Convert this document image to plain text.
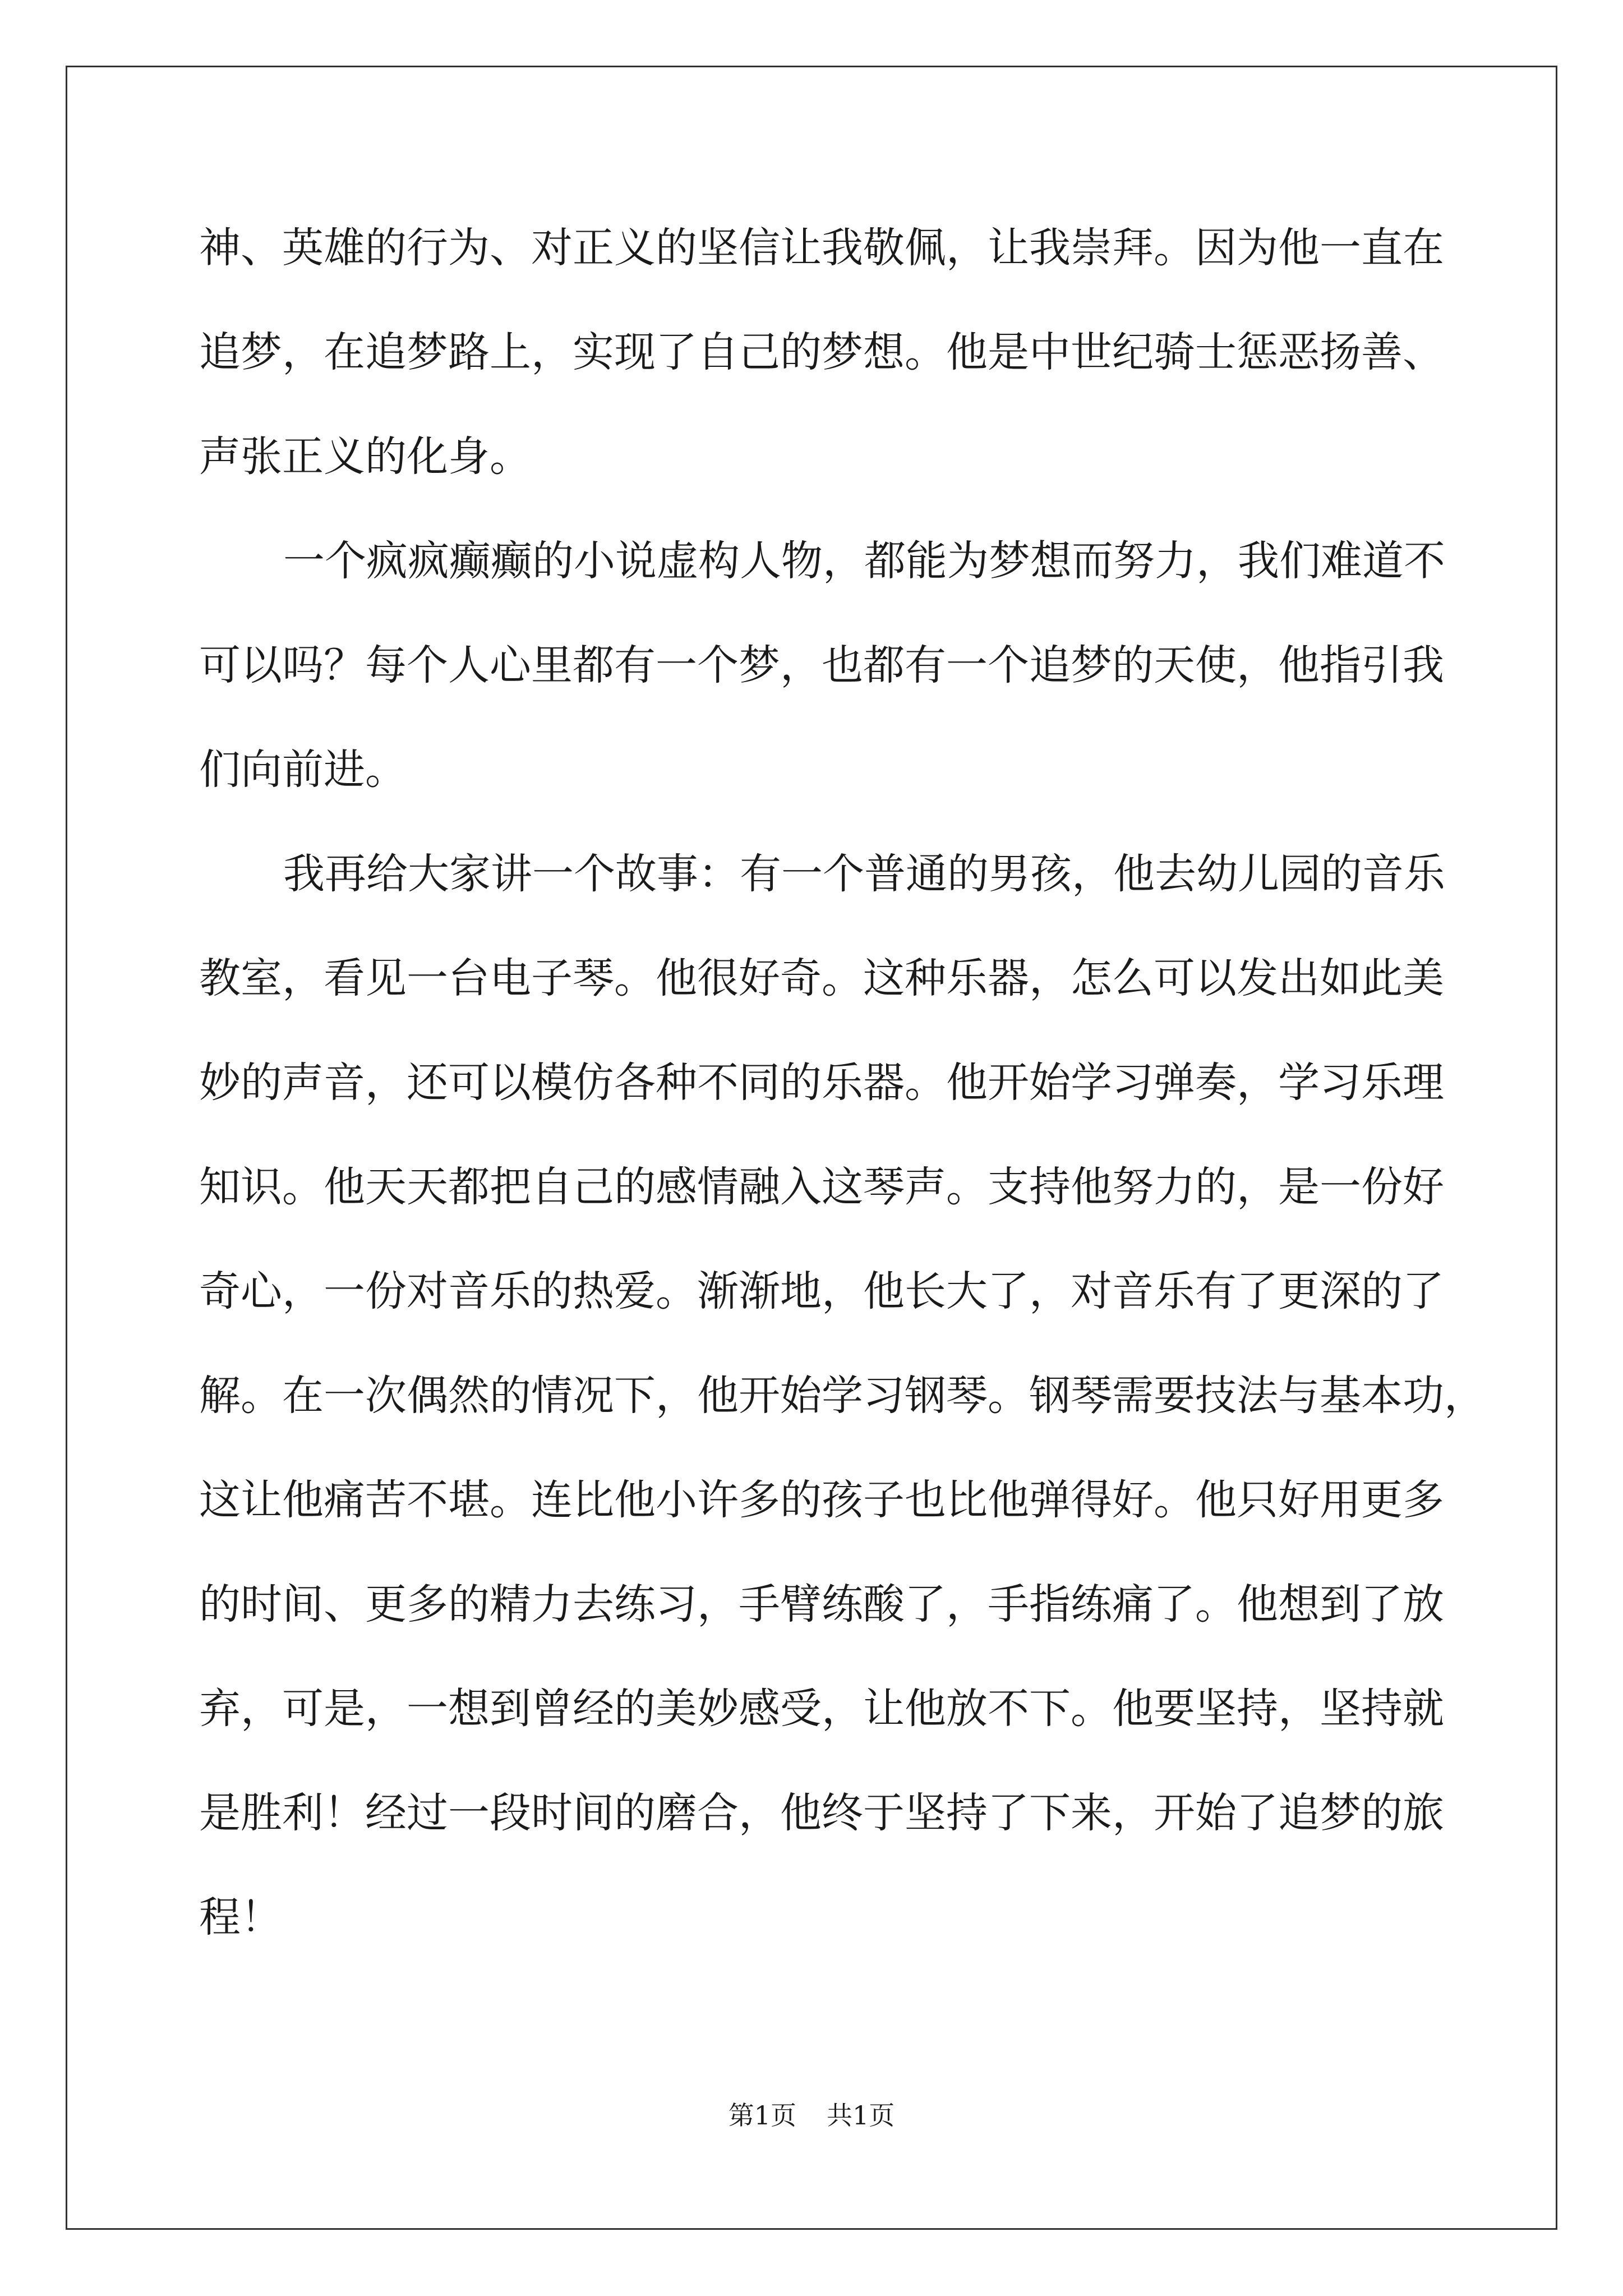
神、英雄的行为、对正义的坚信让我敬佩，让我崇拜。因为他一直在
追梦，在追梦路上，实现了自己的梦想。他是中世纪骑士惩恶扬善、
声张正义的化身。
一个疯疯癫癫的小说虚构人物，都能为梦想而努力，我们难道不
可以吗？每个人心里都有一个梦，也都有一个追梦的天使，他指引我
们向前进。
我再给大家讲一个故事：有一个普通的男孩，他去幼儿园的音乐
教室，看见一台电子琴。他很好奇。这种乐器，怎么可以发出如此美
妙的声音，还可以模仿各种不同的乐器。他开始学习弹奏，学习乐理
知识。他天天都把自己的感情融入这琴声。支持他努力的，是一份好
奇心，一份对音乐的热爱。渐渐地，他长大了，对音乐有了更深的了
解。在一次偶然的情况下，他开始学习钢琴。钢琴需要技法与基本功，
这让他痛苦不堪。连比他小许多的孩子也比他弹得好。他只好用更多
的时间、更多的精力去练习，手臂练酸了，手指练痛了。他想到了放
弃，可是，一想到曾经的美妙感受，让他放不下。他要坚持，坚持就
是胜利！经过一段时间的磨合，他终于坚持了下来，开始了追梦的旅
程！
第1页 共1页
